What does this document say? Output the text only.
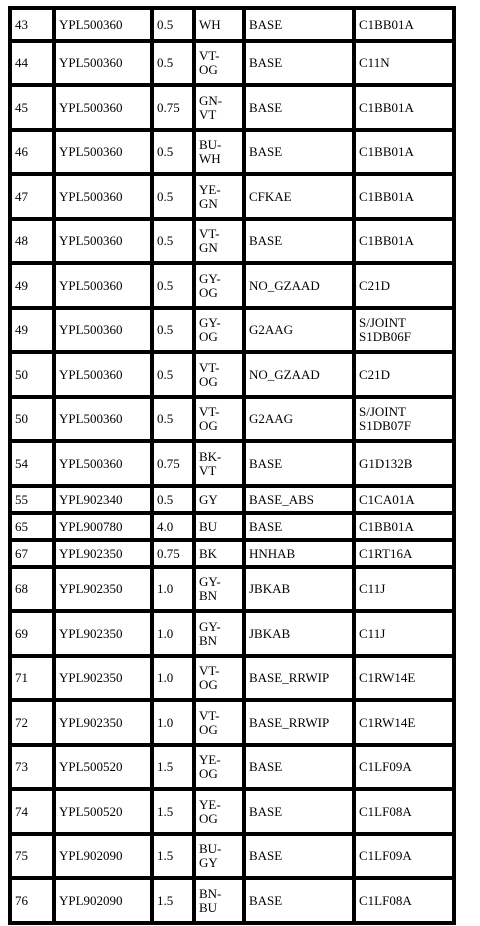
43	YPL500360	0.5	WH	BASE	C1BB01A
44	YPL500360	0.5	VT-
OG	BASE	C11N
45	YPL500360	0.75	GN-
VT	BASE	C1BB01A
46	YPL500360	0.5	BU-
WH	BASE	C1BB01A
47	YPL500360	0.5	YE-
GN	CFKAE	C1BB01A
48	YPL500360	0.5	VT-
GN	BASE	C1BB01A
49	YPL500360	0.5	GY-
OG	NO_GZAAD	C21D
49	YPL500360	0.5	GY-
OG	G2AAG	S/JOINT
S1DB06F
50	YPL500360	0.5	VT-
OG	NO_GZAAD	C21D
50	YPL500360	0.5	VT-
OG	G2AAG	S/JOINT
S1DB07F
54	YPL500360	0.75	BK-
VT	BASE	G1D132B
55	YPL902340	0.5	GY	BASE_ABS	C1CA01A
65	YPL900780	4.0	BU	BASE	C1BB01A
67	YPL902350	0.75	BK	HNHAB	C1RT16A
68	YPL902350	1.0	GY-
BN	JBKAB	C11J
69	YPL902350	1.0	GY-
BN	JBKAB	C11J
71	YPL902350	1.0	VT-
OG	BASE_RRWIP	C1RW14E
72	YPL902350	1.0	VT-
OG	BASE_RRWIP	C1RW14E
73	YPL500520	1.5	YE-
OG	BASE	C1LF09A
74	YPL500520	1.5	YE-
OG	BASE	C1LF08A
75	YPL902090	1.5	BU-
GY	BASE	C1LF09A
76	YPL902090	1.5	BN-
BU	BASE	C1LF08A
